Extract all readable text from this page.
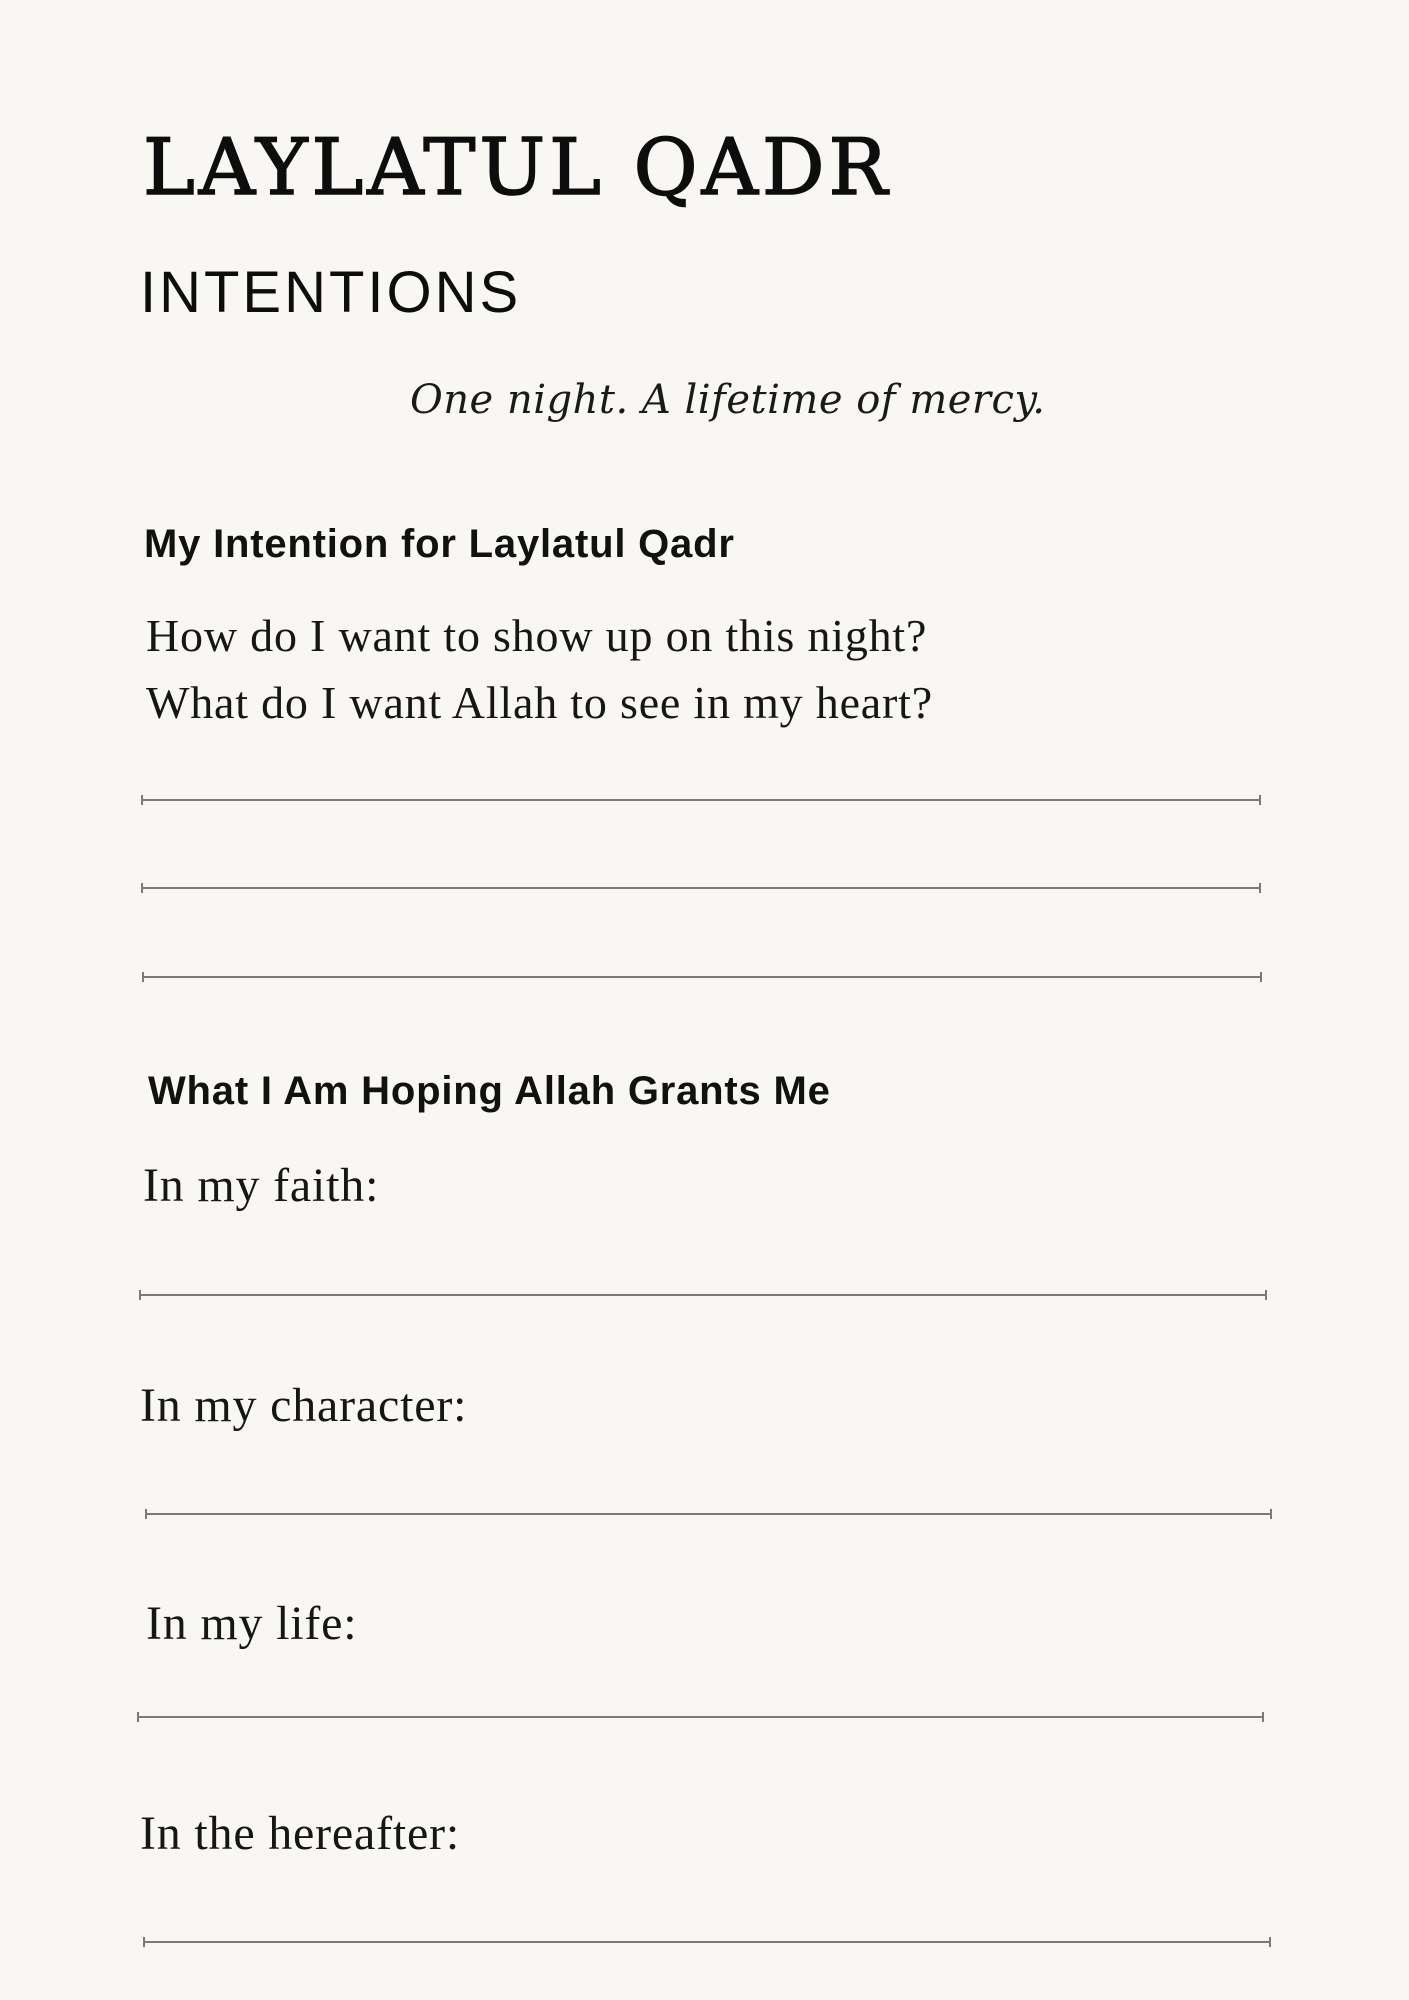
LAYLATUL QADR
INTENTIONS
One night. A lifetime of mercy.
My Intention for Laylatul Qadr
How do I want to show up on this night?
What do I want Allah to see in my heart?
What I Am Hoping Allah Grants Me
In my faith:
In my character:
In my life:
In the hereafter:
